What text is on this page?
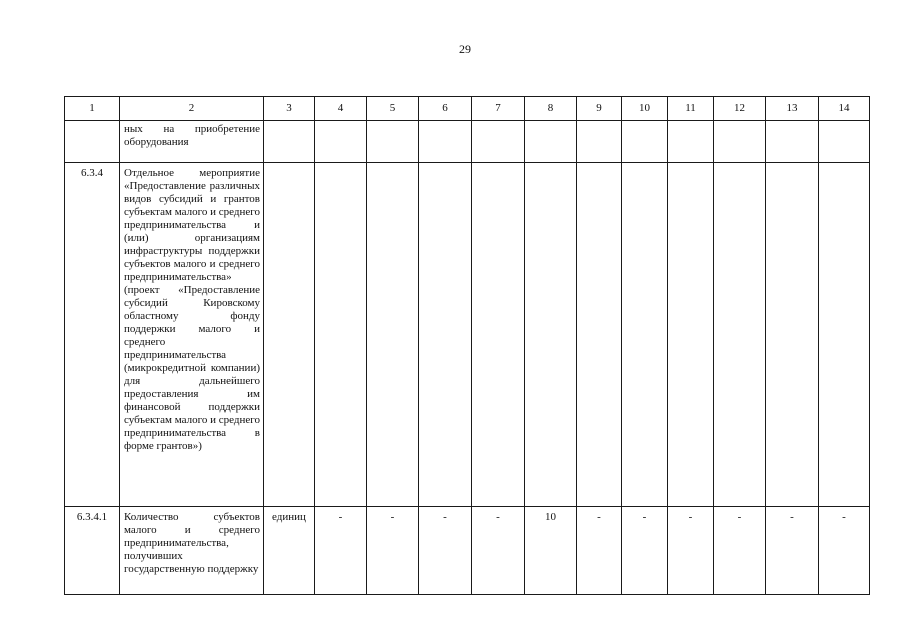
29
1	2	3	4	5	6	7	8	9	10	11	12	13	14
	ных на приобретение оборудования												
6.3.4	Отдельное мероприятие «Предоставление различных видов субсидий и грантов субъектам малого и среднего предпринимательства и (или) организациям инфраструктуры поддержки субъектов малого и среднего предпринимательства» (проект «Предоставление субсидий Кировскому областному фонду поддержки малого и среднего предпринимательства (микрокредитной компании) для дальнейшего предоставления им финансовой поддержки субъектам малого и среднего предпринимательства в форме грантов»)												
6.3.4.1	Количество субъектов малого и среднего предпринимательства, получивших государственную поддержку	единиц	-	-	-	-	10	-	-	-	-	-	-
